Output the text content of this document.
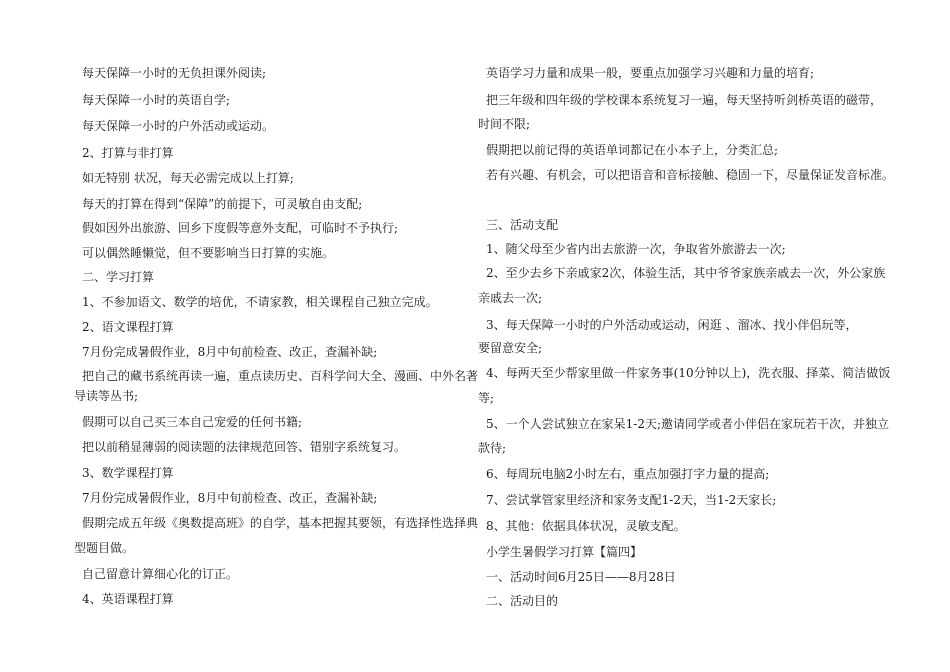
每天保障一小时的无负担课外阅读;
每天保障一小时的英语自学;
每天保障一小时的户外活动或运动。
2、打算与非打算
如无特别 状况，每天必需完成以上打算;
每天的打算在得到“保障”的前提下，可灵敏自由支配;
假如因外出旅游、回乡下度假等意外支配，可临时不予执行;
可以偶然睡懒觉，但不要影响当日打算的实施。
二、学习打算
1、不参加语文、数学的培优，不请家教，相关课程自己独立完成。
2、语文课程打算
7月份完成暑假作业，8月中旬前检查、改正，查漏补缺;
把自己的藏书系统再读一遍，重点读历史、百科学问大全、漫画、中外名著
导读等丛书;
假期可以自己买三本自己宠爱的任何书籍;
把以前稍显薄弱的阅读题的法律规范回答、错别字系统复习。
3、数学课程打算
7月份完成暑假作业，8月中旬前检查、改正，查漏补缺;
假期完成五年级《奥数提高班》的自学，基本把握其要领，有选择性选择典
型题目做。
自己留意计算细心化的订正。
4、英语课程打算
英语学习力量和成果一般，要重点加强学习兴趣和力量的培育;
把三年级和四年级的学校课本系统复习一遍，每天坚持听剑桥英语的磁带，
时间不限;
假期把以前记得的英语单词都记在小本子上，分类汇总;
若有兴趣、有机会，可以把语音和音标接触、稳固一下，尽量保证发音标准。
三、活动支配
1、随父母至少省内出去旅游一次，争取省外旅游去一次;
2、至少去乡下亲戚家2次，体验生活，其中爷爷家族亲戚去一次，外公家族
亲戚去一次;
3、每天保障一小时的户外活动或运动，闲逛 、溜冰、找小伴侣玩等，
要留意安全;
4、每两天至少帮家里做一件家务事(10分钟以上)，洗衣服、择菜、简洁做饭
等;
5、一个人尝试独立在家呆1-2天;邀请同学或者小伴侣在家玩若干次，并独立
款待;
6、每周玩电脑2小时左右，重点加强打字力量的提高;
7、尝试掌管家里经济和家务支配1-2天，当1-2天家长;
8、其他：依据具体状况，灵敏支配。
小学生暑假学习打算【篇四】
一、活动时间6月25日——8月28日
二、活动目的
